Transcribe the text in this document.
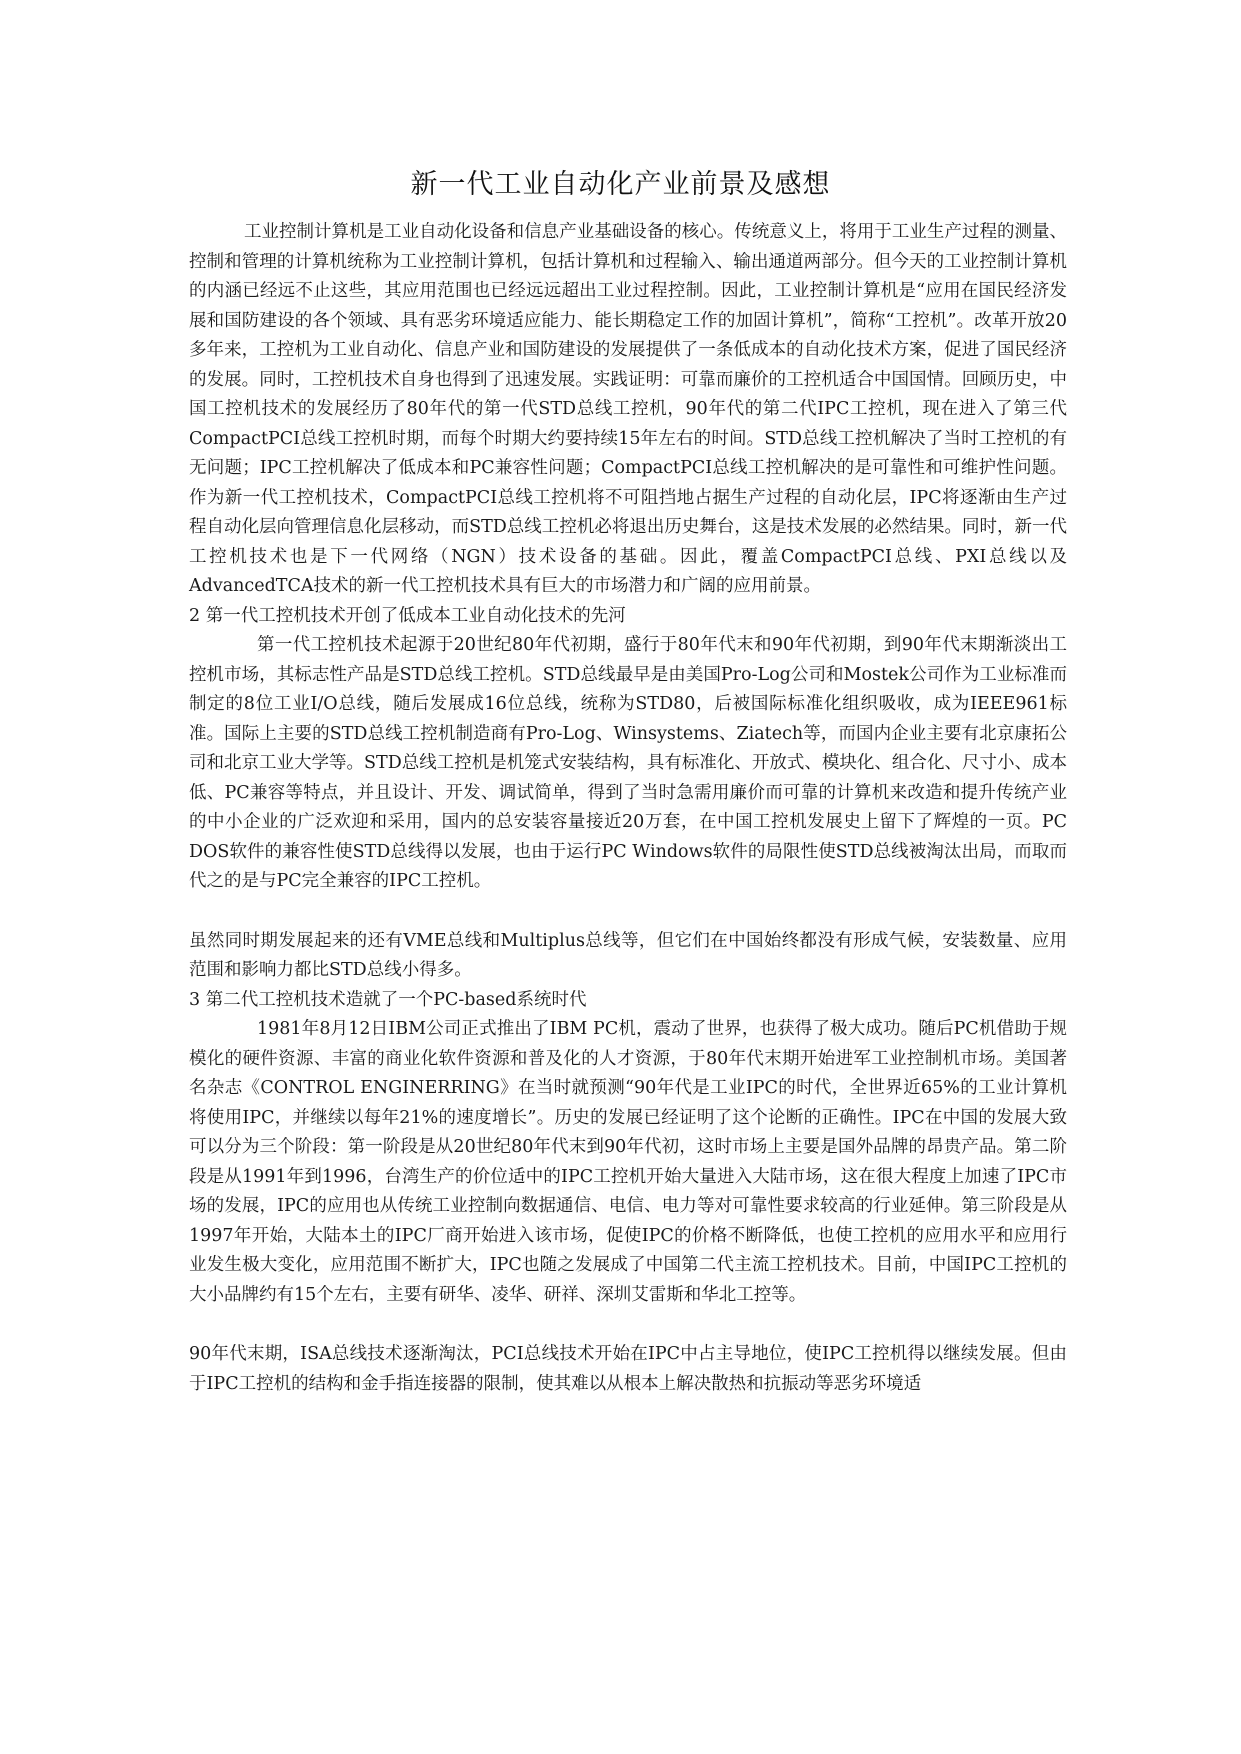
新一代工业自动化产业前景及感想

工业控制计算机是工业自动化设备和信息产业基础设备的核心。传统意义上，将用于工业生产过程的测量、控制和管理的计算机统称为工业控制计算机，包括计算机和过程输入、输出通道两部分。但今天的工业控制计算机的内涵已经远不止这些，其应用范围也已经远远超出工业过程控制。因此，工业控制计算机是“应用在国民经济发展和国防建设的各个领域、具有恶劣环境适应能力、能长期稳定工作的加固计算机”，简称“工控机”。改革开放20多年来，工控机为工业自动化、信息产业和国防建设的发展提供了一条低成本的自动化技术方案，促进了国民经济的发展。同时，工控机技术自身也得到了迅速发展。实践证明：可靠而廉价的工控机适合中国国情。回顾历史，中国工控机技术的发展经历了80年代的第一代STD总线工控机，90年代的第二代IPC工控机，现在进入了第三代CompactPCI总线工控机时期，而每个时期大约要持续15年左右的时间。STD总线工控机解决了当时工控机的有无问题；IPC工控机解决了低成本和PC兼容性问题；CompactPCI总线工控机解决的是可靠性和可维护性问题。作为新一代工控机技术，CompactPCI总线工控机将不可阻挡地占据生产过程的自动化层，IPC将逐渐由生产过程自动化层向管理信息化层移动，而STD总线工控机必将退出历史舞台，这是技术发展的必然结果。同时，新一代工控机技术也是下一代网络（NGN）技术设备的基础。因此，覆盖CompactPCI总线、PXI总线以及AdvancedTCA技术的新一代工控机技术具有巨大的市场潜力和广阔的应用前景。

2 第一代工控机技术开创了低成本工业自动化技术的先河

第一代工控机技术起源于20世纪80年代初期，盛行于80年代末和90年代初期，到90年代末期渐淡出工控机市场，其标志性产品是STD总线工控机。STD总线最早是由美国Pro-Log公司和Mostek公司作为工业标准而制定的8位工业I/O总线，随后发展成16位总线，统称为STD80，后被国际标准化组织吸收，成为IEEE961标准。国际上主要的STD总线工控机制造商有Pro-Log、Winsystems、Ziatech等，而国内企业主要有北京康拓公司和北京工业大学等。STD总线工控机是机笼式安装结构，具有标准化、开放式、模块化、组合化、尺寸小、成本低、PC兼容等特点，并且设计、开发、调试简单，得到了当时急需用廉价而可靠的计算机来改造和提升传统产业的中小企业的广泛欢迎和采用，国内的总安装容量接近20万套，在中国工控机发展史上留下了辉煌的一页。PC DOS软件的兼容性使STD总线得以发展，也由于运行PC Windows软件的局限性使STD总线被淘汰出局，而取而代之的是与PC完全兼容的IPC工控机。

虽然同时期发展起来的还有VME总线和Multiplus总线等，但它们在中国始终都没有形成气候，安装数量、应用范围和影响力都比STD总线小得多。

3 第二代工控机技术造就了一个PC-based系统时代

1981年8月12日IBM公司正式推出了IBM PC机，震动了世界，也获得了极大成功。随后PC机借助于规模化的硬件资源、丰富的商业化软件资源和普及化的人才资源，于80年代末期开始进军工业控制机市场。美国著名杂志《CONTROL ENGINERRING》在当时就预测“90年代是工业IPC的时代，全世界近65%的工业计算机将使用IPC，并继续以每年21%的速度增长”。历史的发展已经证明了这个论断的正确性。IPC在中国的发展大致可以分为三个阶段：第一阶段是从20世纪80年代末到90年代初，这时市场上主要是国外品牌的昂贵产品。第二阶段是从1991年到1996，台湾生产的价位适中的IPC工控机开始大量进入大陆市场，这在很大程度上加速了IPC市场的发展，IPC的应用也从传统工业控制向数据通信、电信、电力等对可靠性要求较高的行业延伸。第三阶段是从1997年开始，大陆本土的IPC厂商开始进入该市场，促使IPC的价格不断降低，也使工控机的应用水平和应用行业发生极大变化，应用范围不断扩大，IPC也随之发展成了中国第二代主流工控机技术。目前，中国IPC工控机的大小品牌约有15个左右，主要有研华、凌华、研祥、深圳艾雷斯和华北工控等。

90年代末期，ISA总线技术逐渐淘汰，PCI总线技术开始在IPC中占主导地位，使IPC工控机得以继续发展。但由于IPC工控机的结构和金手指连接器的限制，使其难以从根本上解决散热和抗振动等恶劣环境适
